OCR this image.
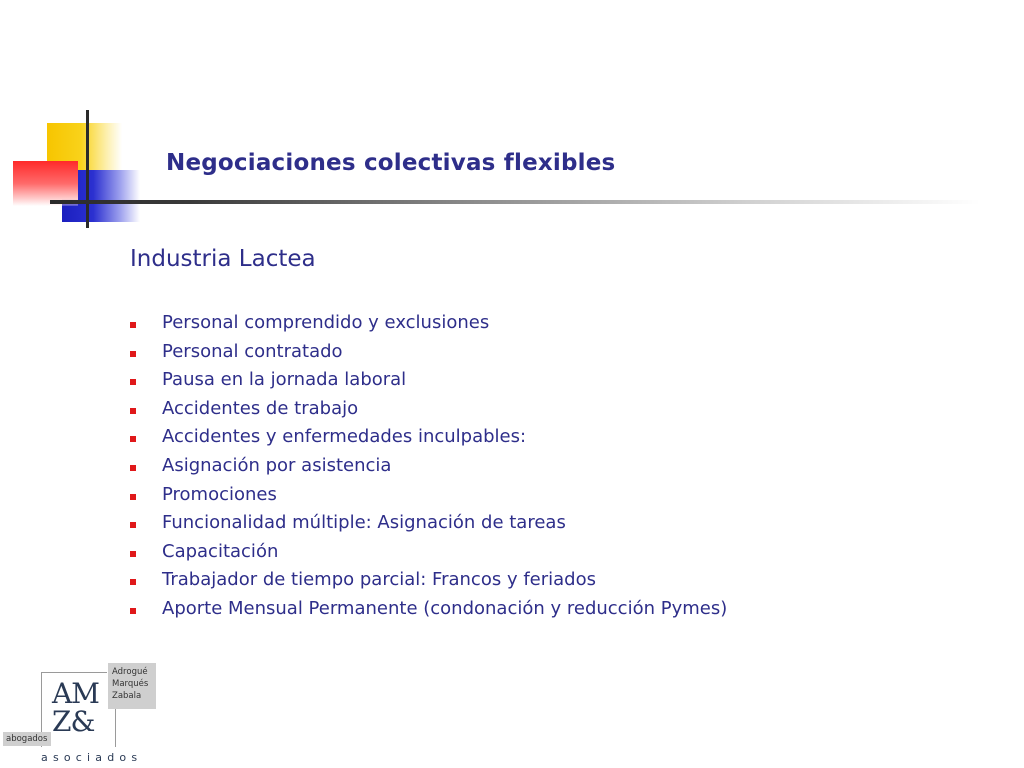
Negociaciones colectivas flexibles
Industria Lactea
Personal comprendido y exclusiones
Personal contratado
Pausa en la jornada laboral
Accidentes de trabajo
Accidentes y enfermedades inculpables:
Asignación por asistencia
Promociones
Funcionalidad múltiple: Asignación de tareas
Capacitación
Trabajador de tiempo parcial: Francos y feriados
Aporte Mensual Permanente (condonación y reducción Pymes)
Adrogué
Marqués
Zabala
AM
Z&
abogados
asociados
